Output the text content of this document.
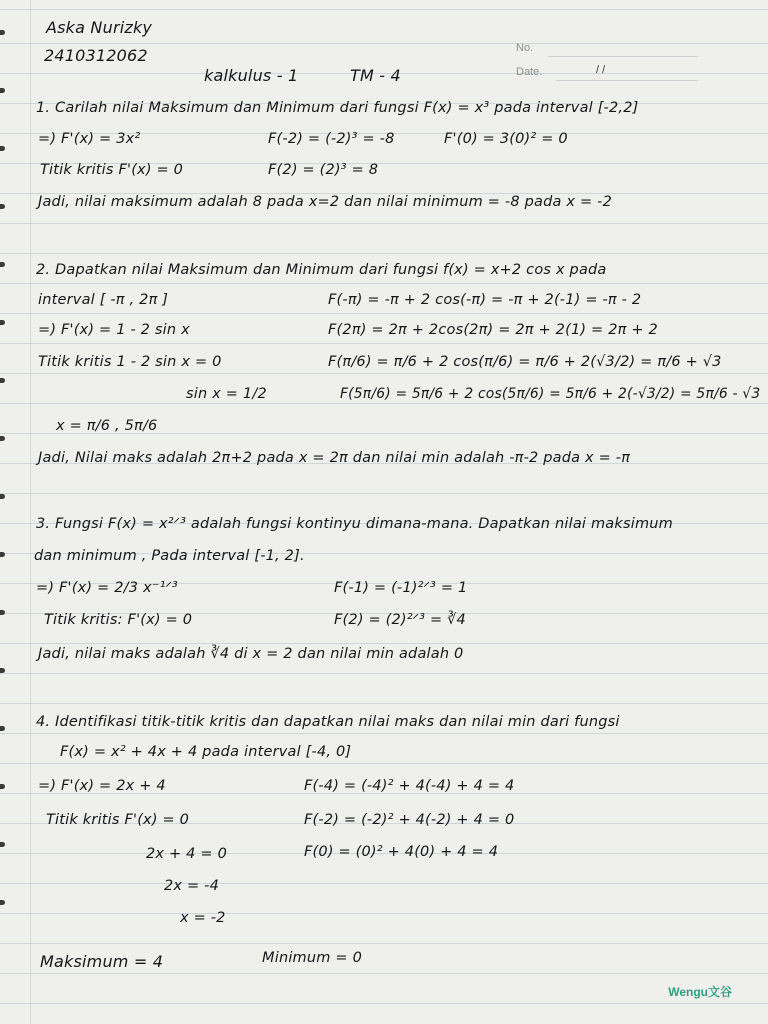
Aska Nurizky
2410312062
kalkulus - 1	TM - 4
No.
Date.	/ /
1. Carilah nilai Maksimum dan Minimum dari fungsi F(x) = x³ pada interval [-2,2]
=) F'(x) = 3x²	F(-2) = (-2)³ = -8	F'(0) = 3(0)² = 0
Titik kritis F'(x) = 0	F(2) = (2)³ = 8
Jadi, nilai maksimum adalah 8 pada x=2 dan nilai minimum = -8 pada x = -2
2. Dapatkan nilai Maksimum dan Minimum dari fungsi f(x) = x+2 cos x pada
interval [ -π , 2π ]	F(-π) = -π + 2 cos(-π) = -π + 2(-1) = -π - 2
=) F'(x) = 1 - 2 sin x	F(2π) = 2π + 2cos(2π) = 2π + 2(1) = 2π + 2
Titik kritis 1 - 2 sin x = 0	F(π/6) = π/6 + 2 cos(π/6) = π/6 + 2(√3/2) = π/6 + √3
sin x = 1/2	F(5π/6) = 5π/6 + 2 cos(5π/6) = 5π/6 + 2(-√3/2) = 5π/6 - √3
x = π/6 , 5π/6
Jadi, Nilai maks adalah 2π+2 pada x = 2π dan nilai min adalah -π-2 pada x = -π
3. Fungsi F(x) = x²ᐟ³ adalah fungsi kontinyu dimana-mana. Dapatkan nilai maksimum
dan minimum , Pada interval [-1, 2].
=) F'(x) = 2/3 x⁻¹ᐟ³	F(-1) = (-1)²ᐟ³ = 1
Titik kritis: F'(x) = 0	F(2) = (2)²ᐟ³ = ∛4
Jadi, nilai maks adalah ∛4 di x = 2 dan nilai min adalah 0
4. Identifikasi titik-titik kritis dan dapatkan nilai maks dan nilai min dari fungsi
F(x) = x² + 4x + 4 pada interval [-4, 0]
=) F'(x) = 2x + 4	F(-4) = (-4)² + 4(-4) + 4 = 4
Titik kritis F'(x) = 0	F(-2) = (-2)² + 4(-2) + 4 = 0
2x + 4 = 0	F(0) = (0)² + 4(0) + 4 = 4
2x = -4
x = -2
Maksimum = 4	Minimum = 0
Wengu文谷
